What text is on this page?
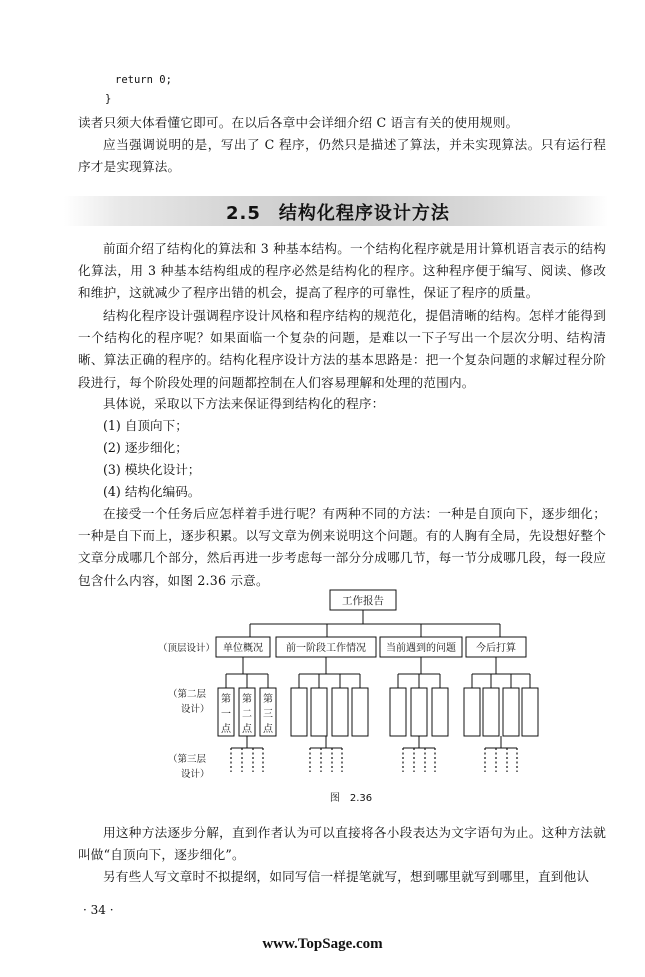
return 0;
}

读者只须大体看懂它即可。在以后各章中会详细介绍 C 语言有关的使用规则。

应当强调说明的是，写出了 C 程序，仍然只是描述了算法，并未实现算法。只有运行程序才是实现算法。

2.5 结构化程序设计方法

前面介绍了结构化的算法和 3 种基本结构。一个结构化程序就是用计算机语言表示的结构化算法，用 3 种基本结构组成的程序必然是结构化的程序。这种程序便于编写、阅读、修改和维护，这就减少了程序出错的机会，提高了程序的可靠性，保证了程序的质量。

结构化程序设计强调程序设计风格和程序结构的规范化，提倡清晰的结构。怎样才能得到一个结构化的程序呢？如果面临一个复杂的问题，是难以一下子写出一个层次分明、结构清晰、算法正确的程序的。结构化程序设计方法的基本思路是：把一个复杂问题的求解过程分阶段进行，每个阶段处理的问题都控制在人们容易理解和处理的范围内。

具体说，采取以下方法来保证得到结构化的程序：

(1) 自顶向下；
(2) 逐步细化；
(3) 模块化设计；
(4) 结构化编码。

在接受一个任务后应怎样着手进行呢？有两种不同的方法：一种是自顶向下，逐步细化；一种是自下而上，逐步积累。以写文章为例来说明这个问题。有的人胸有全局，先设想好整个文章分成哪几个部分，然后再进一步考虑每一部分分成哪几节，每一节分成哪几段，每一段应包含什么内容，如图 2.36 示意。

工作报告
单位概况 前一阶段工作情况 当前遇到的问题 今后打算
（顶层设计）
（第二层
设计）
（第三层
设计）
第
一
点
第
二
点
第
三
点
图　2.36

用这种方法逐步分解，直到作者认为可以直接将各小段表达为文字语句为止。这种方法就叫做“自顶向下，逐步细化”。

另有些人写文章时不拟提纲，如同写信一样提笔就写，想到哪里就写到哪里，直到他认

· 34 ·
www.TopSage.com
